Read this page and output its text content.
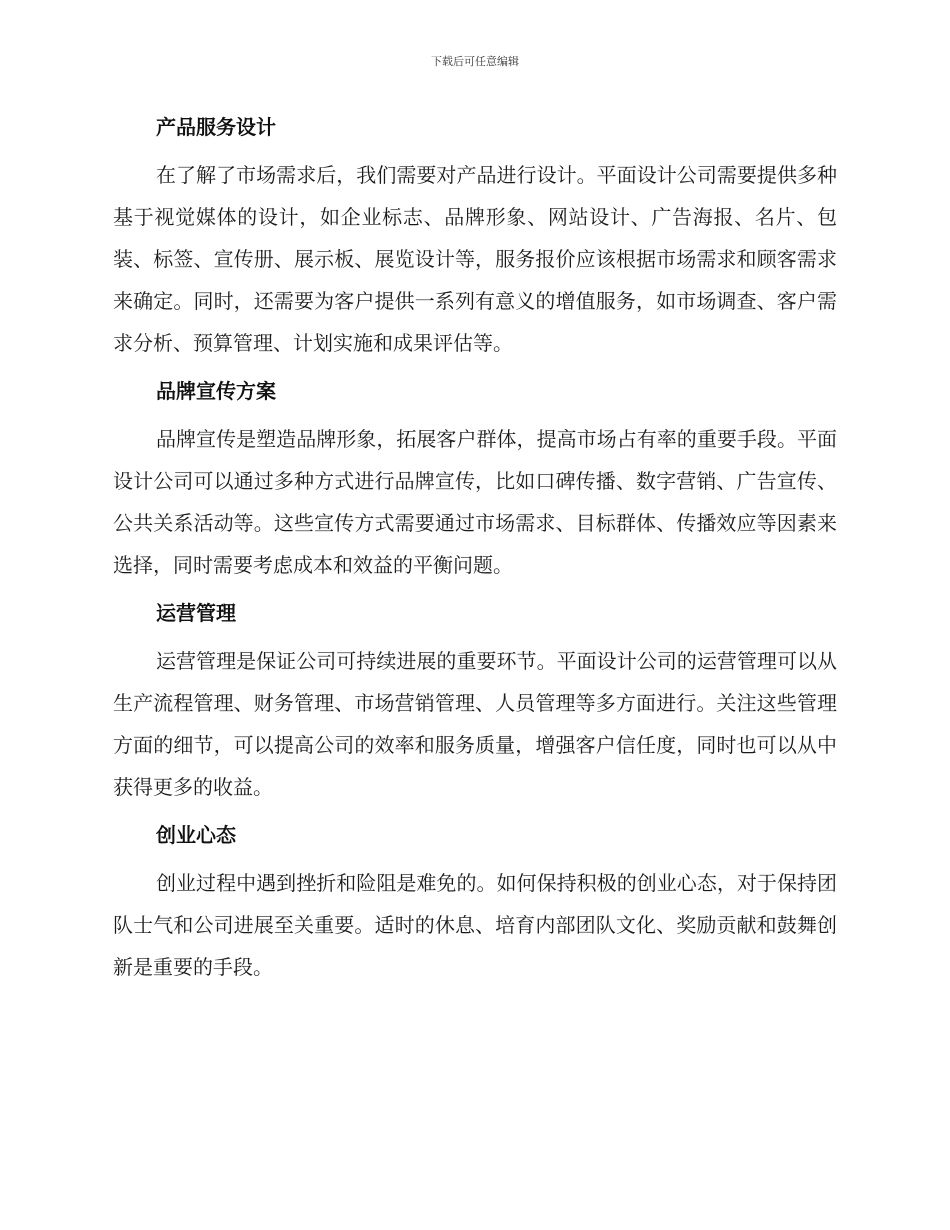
下载后可任意编辑
产品服务设计

在了解了市场需求后，我们需要对产品进行设计。平面设计公司需要提供多种基于视觉媒体的设计，如企业标志、品牌形象、网站设计、广告海报、名片、包装、标签、宣传册、展示板、展览设计等，服务报价应该根据市场需求和顾客需求来确定。同时，还需要为客户提供一系列有意义的增值服务，如市场调查、客户需求分析、预算管理、计划实施和成果评估等。

品牌宣传方案

品牌宣传是塑造品牌形象，拓展客户群体，提高市场占有率的重要手段。平面设计公司可以通过多种方式进行品牌宣传，比如口碑传播、数字营销、广告宣传、公共关系活动等。这些宣传方式需要通过市场需求、目标群体、传播效应等因素来选择，同时需要考虑成本和效益的平衡问题。

运营管理

运营管理是保证公司可持续进展的重要环节。平面设计公司的运营管理可以从生产流程管理、财务管理、市场营销管理、人员管理等多方面进行。关注这些管理方面的细节，可以提高公司的效率和服务质量，增强客户信任度，同时也可以从中获得更多的收益。

创业心态

创业过程中遇到挫折和险阻是难免的。如何保持积极的创业心态，对于保持团队士气和公司进展至关重要。适时的休息、培育内部团队文化、奖励贡献和鼓舞创新是重要的手段。
